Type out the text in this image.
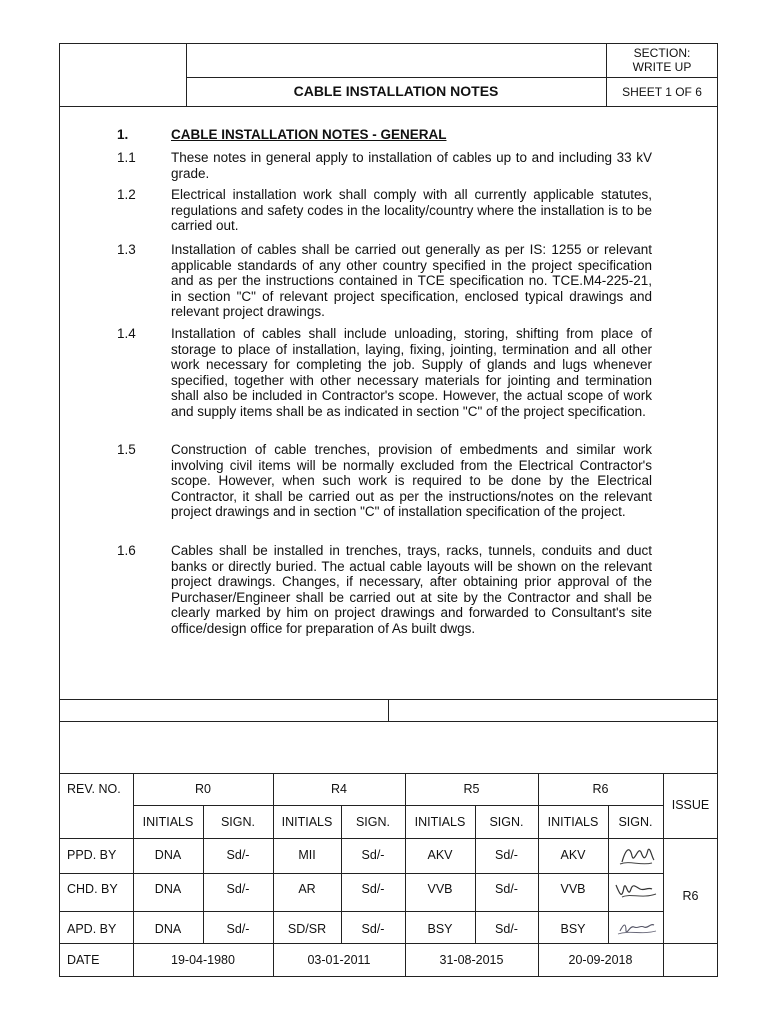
SECTION:
WRITE UP
CABLE INSTALLATION NOTES	SHEET 1 OF 6
1.	CABLE INSTALLATION NOTES - GENERAL
1.1	These notes in general apply to installation of cables up to and including 33 kV grade.
1.2	Electrical installation work shall comply with all currently applicable statutes, regulations and safety codes in the locality/country where the installation is to be carried out.
1.3	Installation of cables shall be carried out generally as per IS: 1255 or relevant applicable standards of any other country specified in the project specification and as per the instructions contained in TCE specification no. TCE.M4-225-21, in section "C" of relevant project specification, enclosed typical drawings and relevant project drawings.
1.4	Installation of cables shall include unloading, storing, shifting from place of storage to place of installation, laying, fixing, jointing, termination and all other work necessary for completing the job. Supply of glands and lugs whenever specified, together with other necessary materials for jointing and termination shall also be included in Contractor's scope. However, the actual scope of work and supply items shall be as indicated in section "C" of the project specification.
1.5	Construction of cable trenches, provision of embedments and similar work involving civil items will be normally excluded from the Electrical Contractor's scope. However, when such work is required to be done by the Electrical Contractor, it shall be carried out as per the instructions/notes on the relevant project drawings and in section "C" of installation specification of the project.
1.6	Cables shall be installed in trenches, trays, racks, tunnels, conduits and duct banks or directly buried. The actual cable layouts will be shown on the relevant project drawings. Changes, if necessary, after obtaining prior approval of the Purchaser/Engineer shall be carried out at site by the Contractor and shall be clearly marked by him on project drawings and forwarded to Consultant's site office/design office for preparation of As built dwgs.
REV. NO.	R0	R4	R5	R6
ISSUE
INITIALS	SIGN.	INITIALS	SIGN.	INITIALS	SIGN.	INITIALS	SIGN.
PPD. BY	DNA	Sd/-	MII	Sd/-	AKV	Sd/-	AKV
CHD. BY	DNA	Sd/-	AR	Sd/-	VVB	Sd/-	VVB
APD. BY	DNA	Sd/-	SD/SR	Sd/-	BSY	Sd/-	BSY
R6
DATE	19-04-1980	03-01-2011	31-08-2015	20-09-2018
